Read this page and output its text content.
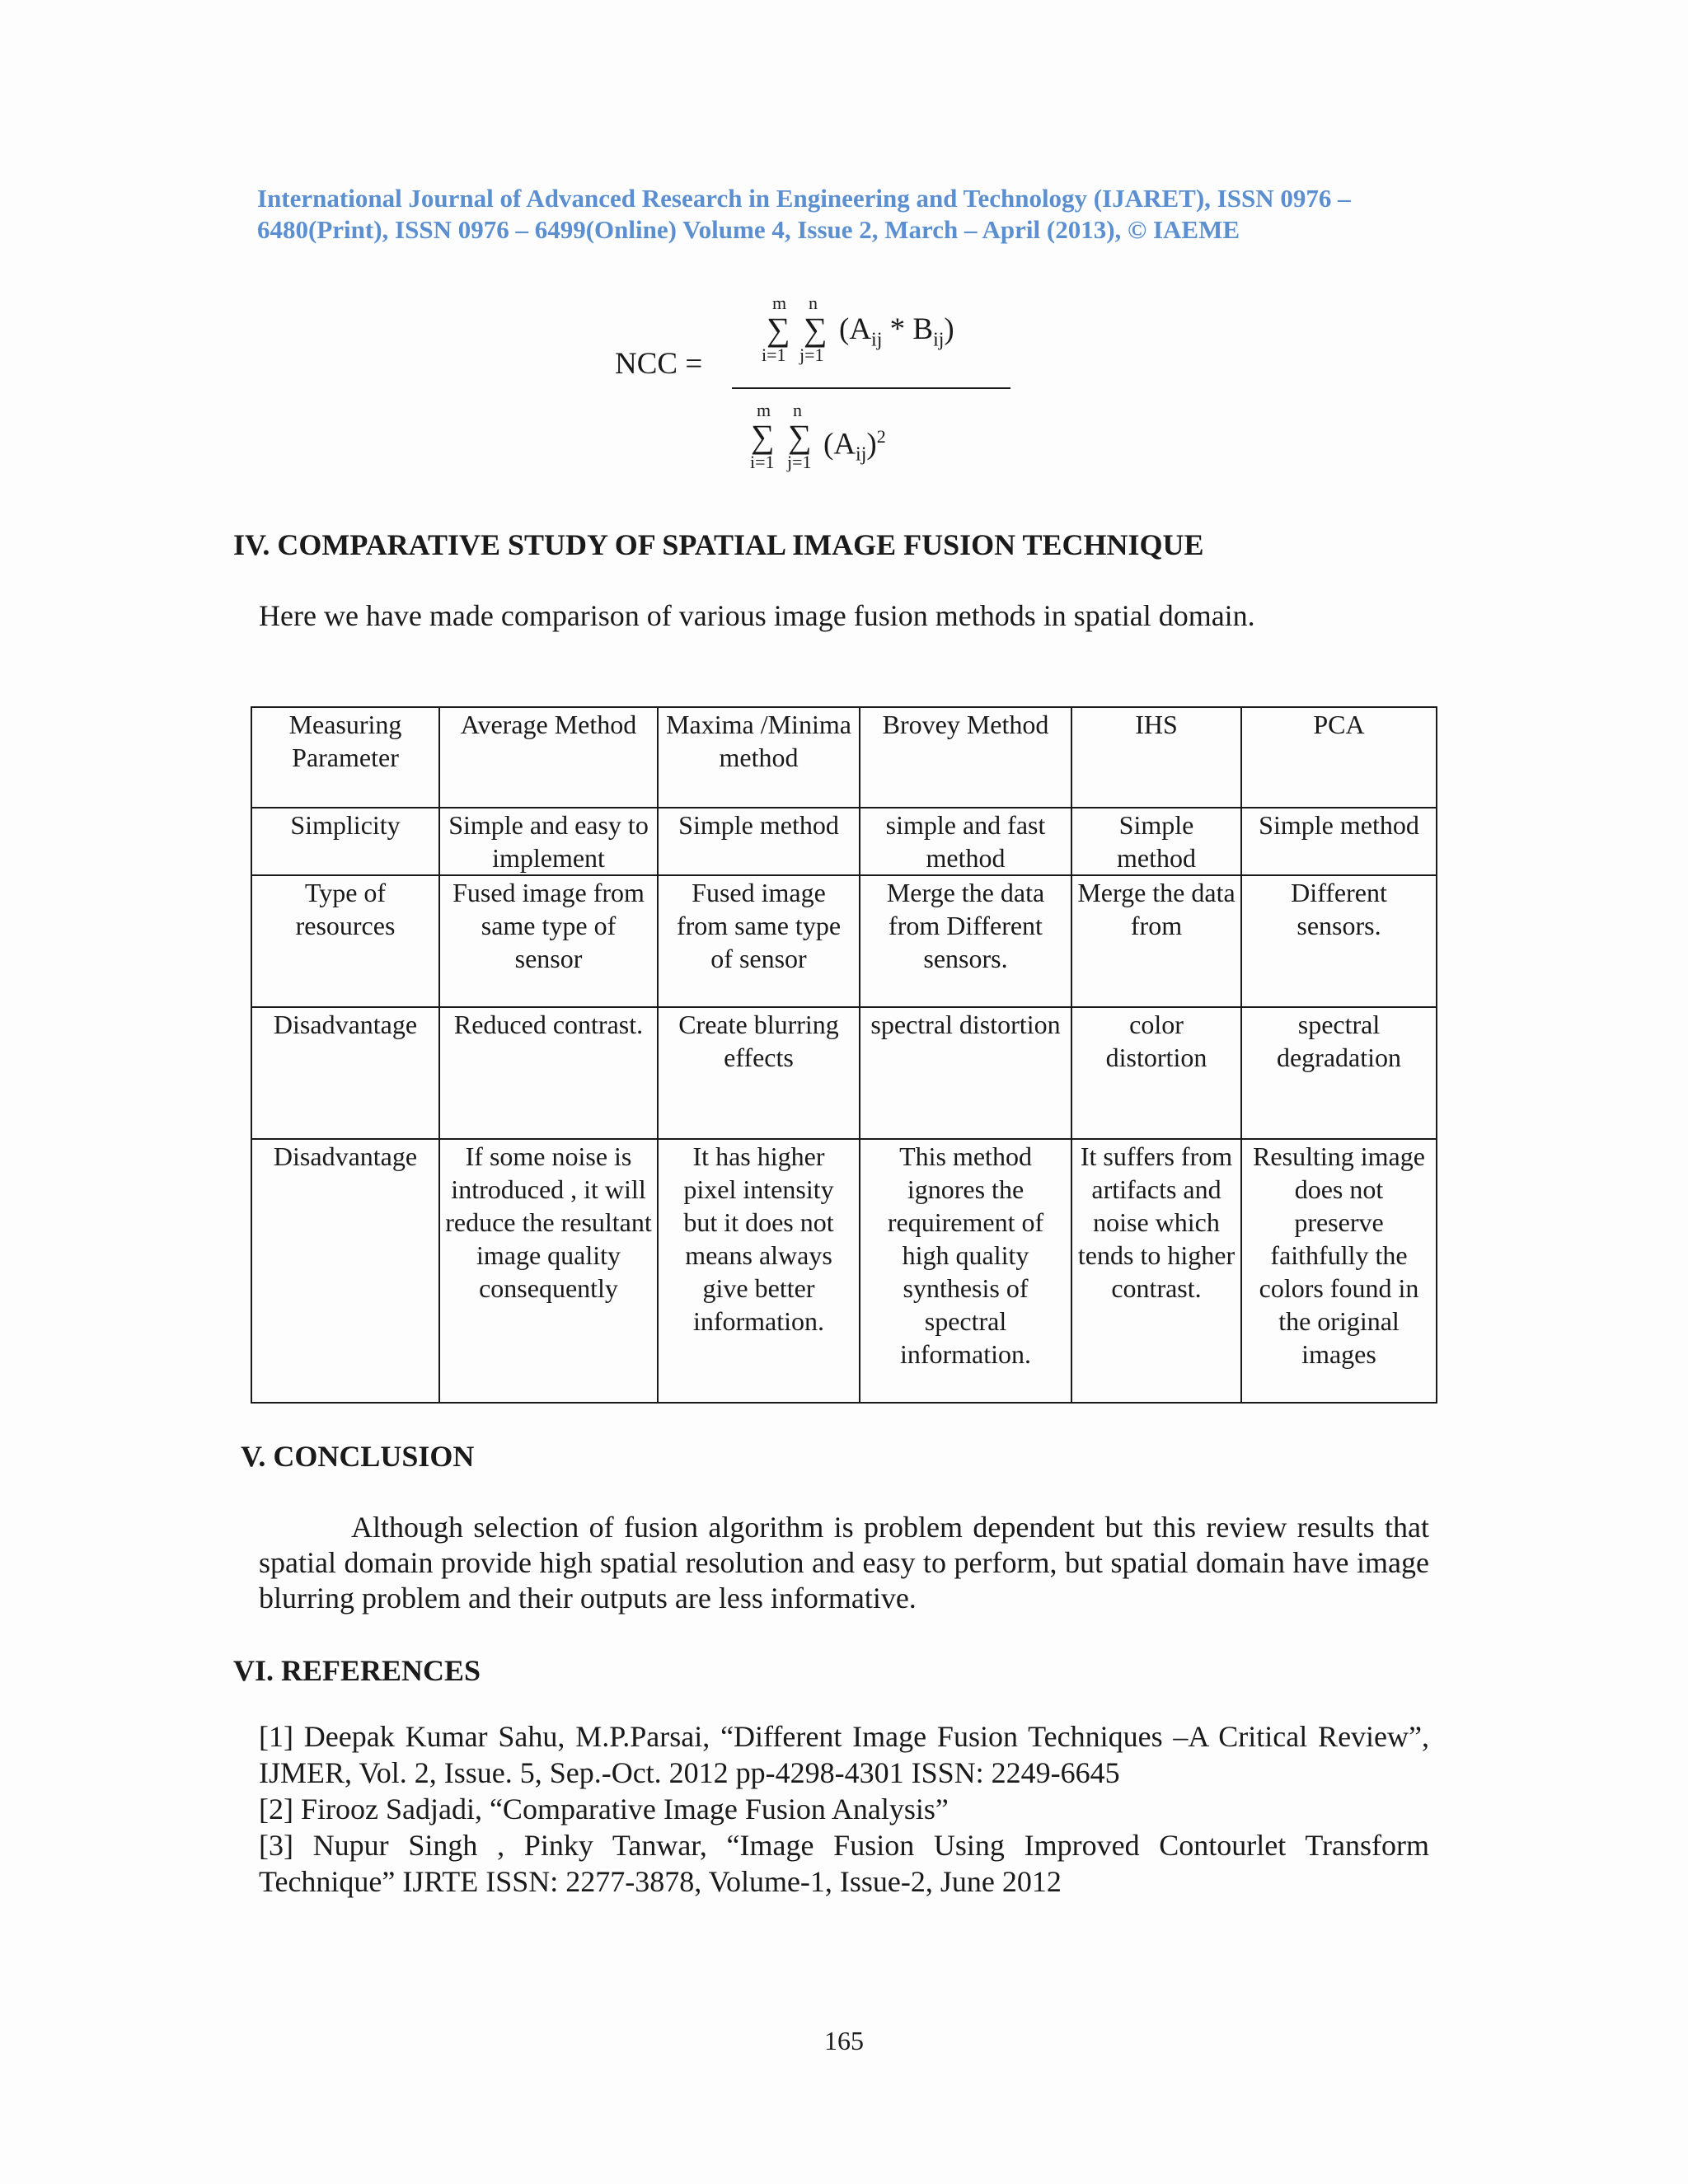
International Journal of Advanced Research in Engineering and Technology (IJARET), ISSN 0976 – 6480(Print), ISSN 0976 – 6499(Online) Volume 4, Issue 2, March – April (2013), © IAEME
NCC =
m n
∑ ∑
i=1 j=1
$(A_{ij} * B_{ij})$
m n
∑ ∑
i=1 j=1
$(A_{ij})^2$
IV. COMPARATIVE STUDY OF SPATIAL IMAGE FUSION TECHNIQUE
Here we have made comparison of various image fusion methods in spatial domain.
Measuring Parameter	Average Method	Maxima /Minima method	Brovey Method	IHS	PCA
Simplicity	Simple and easy to implement	Simple method	simple and fast method	Simple method	Simple method
Type of resources	Fused image from same type of sensor	Fused image from same type of sensor	Merge the data from Different sensors.	Merge the data from	Different sensors.
Disadvantage	Reduced contrast.	Create blurring effects	spectral distortion	color distortion	spectral degradation
Disadvantage	If some noise is introduced , it will reduce the resultant image quality consequently	It has higher pixel intensity but it does not means always give better information.	This method ignores the requirement of high quality synthesis of spectral information.	It suffers from artifacts and noise which tends to higher contrast.	Resulting image does not preserve faithfully the colors found in the original images
V. CONCLUSION
Although selection of fusion algorithm is problem dependent but this review results that spatial domain provide high spatial resolution and easy to perform, but spatial domain have image blurring problem and their outputs are less informative.
VI. REFERENCES

[1] Deepak Kumar Sahu, M.P.Parsai, “Different Image Fusion Techniques –A Critical Review”, IJMER, Vol. 2, Issue. 5, Sep.-Oct. 2012 pp-4298-4301 ISSN: 2249-6645

[2] Firooz Sadjadi, “Comparative Image Fusion Analysis”

[3] Nupur Singh , Pinky Tanwar, “Image Fusion Using Improved Contourlet Transform Technique” IJRTE ISSN: 2277-3878, Volume-1, Issue-2, June 2012

165
